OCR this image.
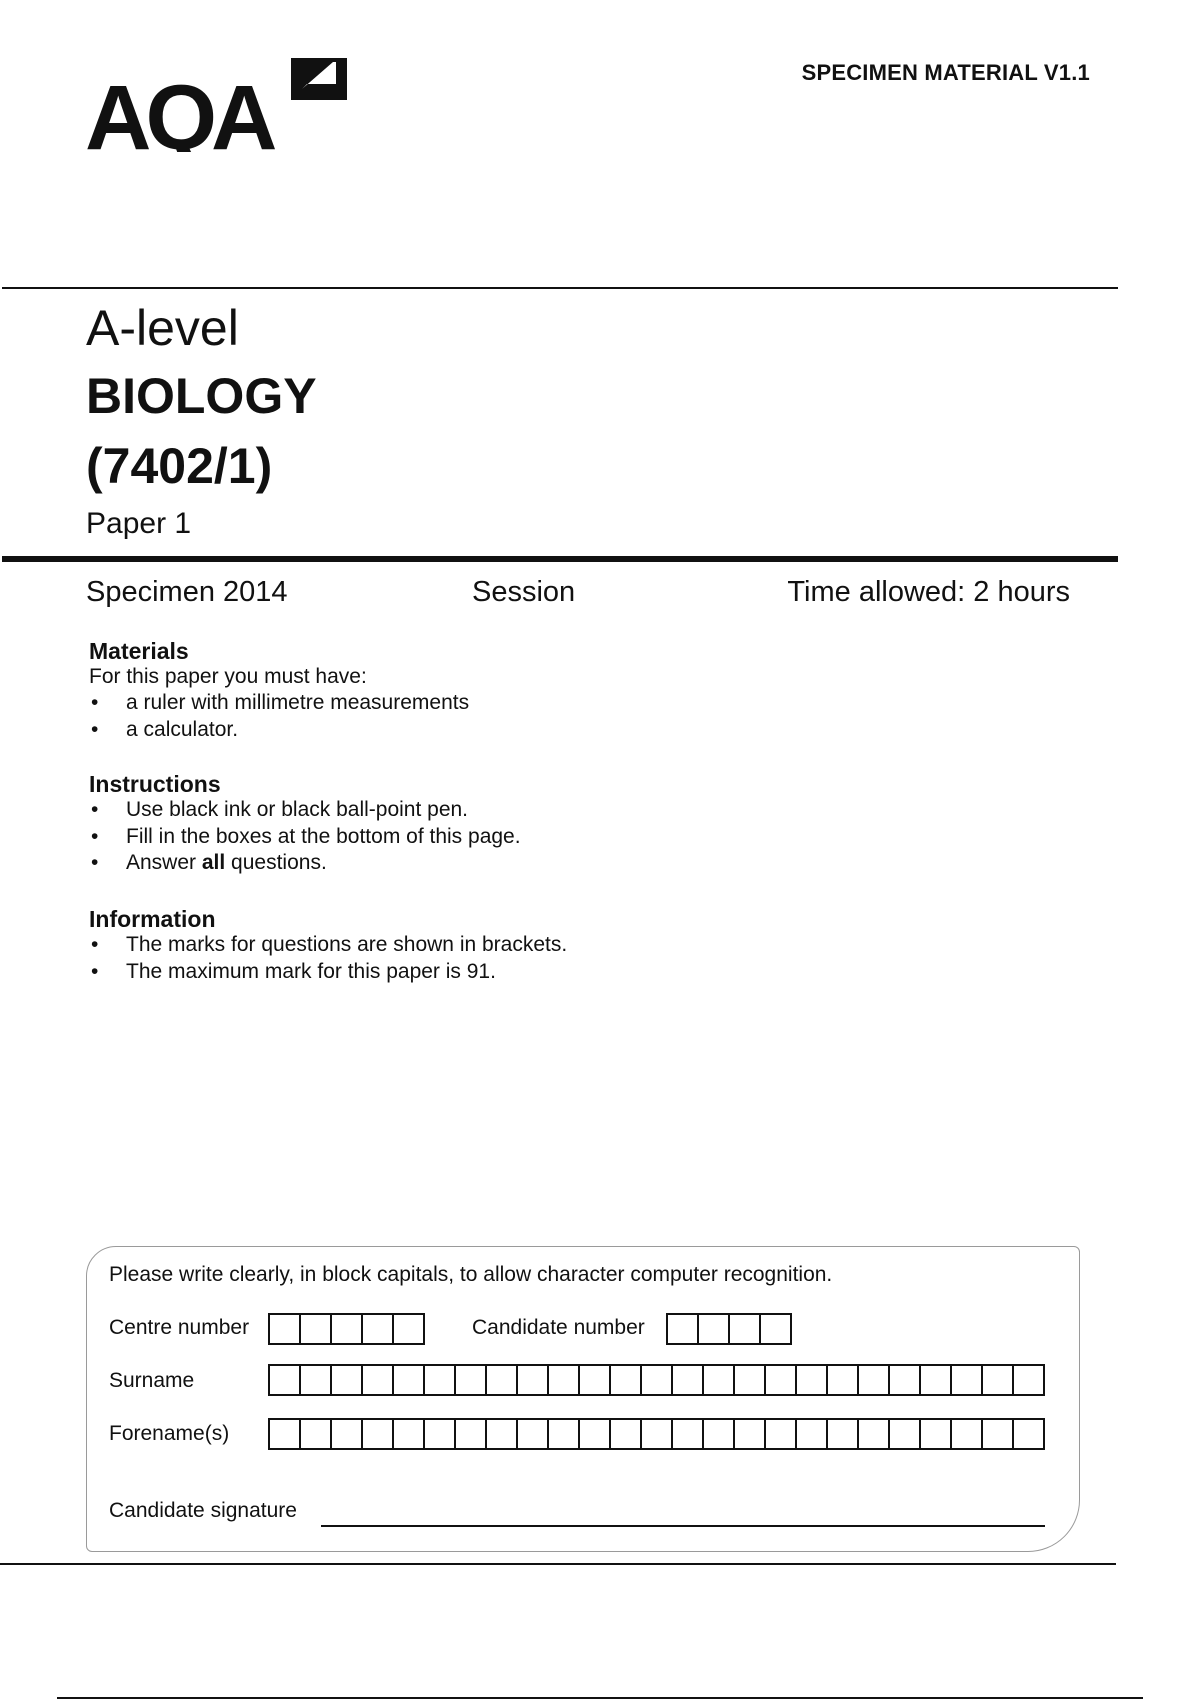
AQA	SPECIMEN MATERIAL V1.1
A-level
BIOLOGY
(7402/1)
Paper 1
Specimen 2014	Session	Time allowed: 2 hours
Materials
For this paper you must have:
• a ruler with millimetre measurements
• a calculator.
Instructions
• Use black ink or black ball-point pen.
• Fill in the boxes at the bottom of this page.
• Answer all questions.
Information
• The marks for questions are shown in brackets.
• The maximum mark for this paper is 91.
Please write clearly, in block capitals, to allow character computer recognition.
Centre number	Candidate number
Surname
Forename(s)
Candidate signature
